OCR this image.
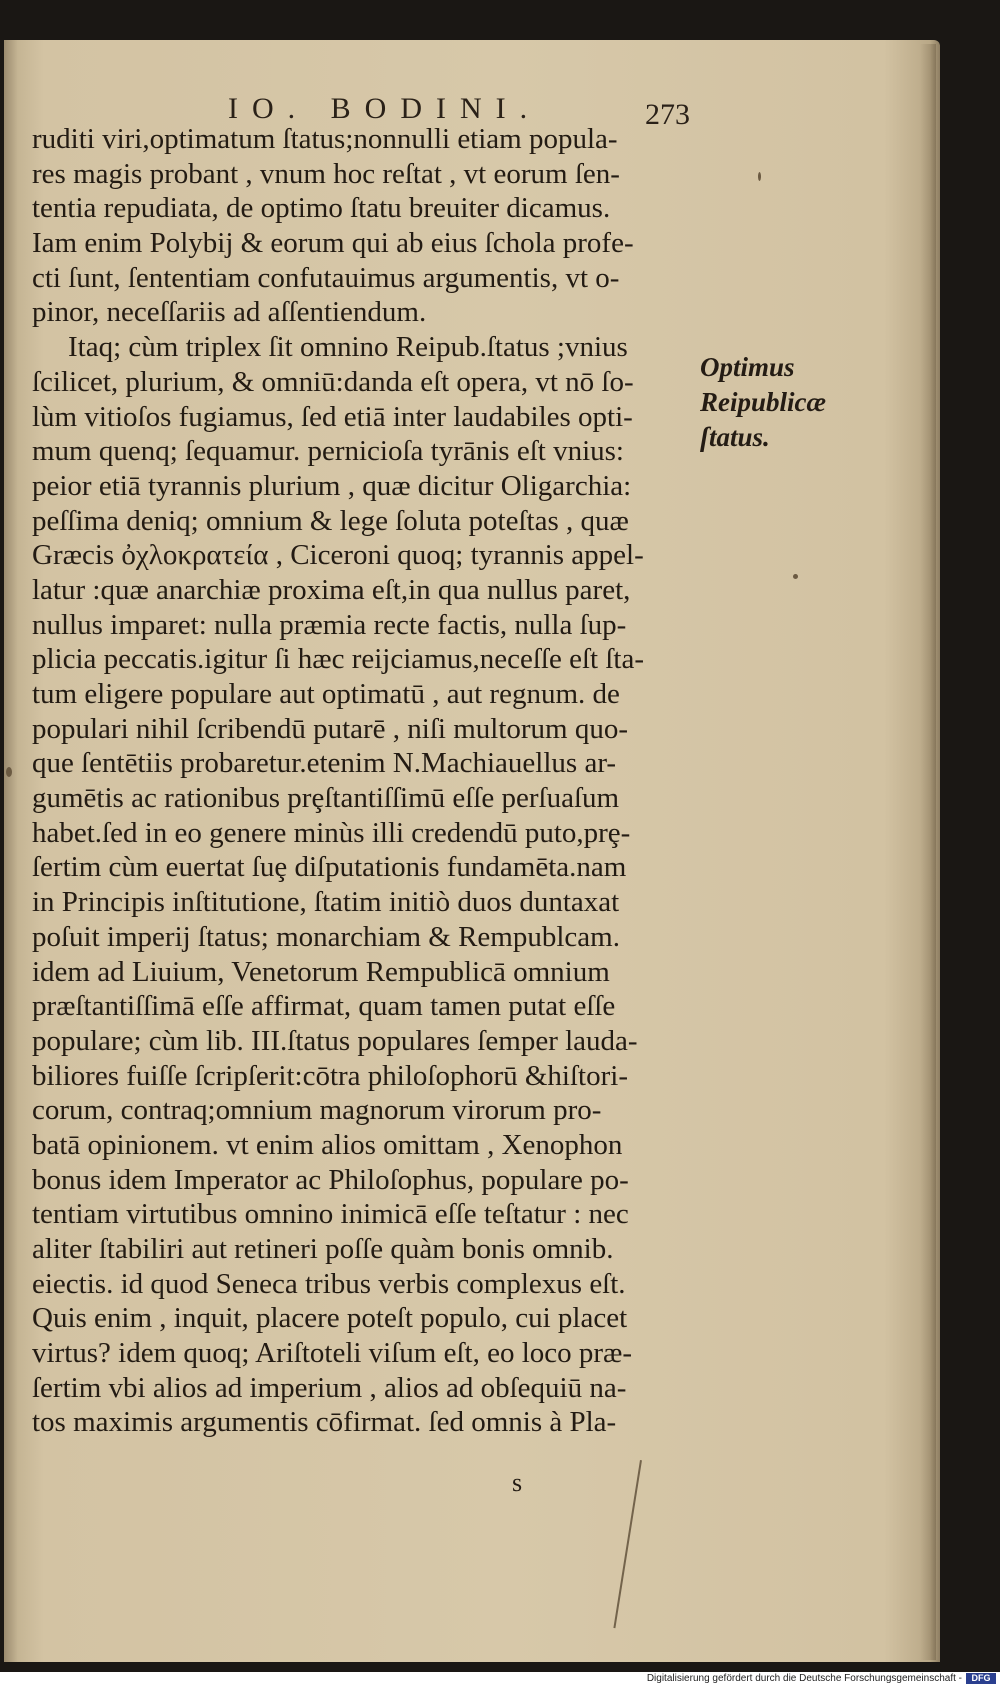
IO. BODINI.	273
ruditi viri,optimatum ſtatus;nonnulli etiam popula-
res magis probant , vnum hoc reſtat , vt eorum ſen-
tentia repudiata, de optimo ſtatu breuiter dicamus.
Iam enim Polybij & eorum qui ab eius ſchola profe-
cti ſunt, ſententiam confutauimus argumentis, vt o-
pinor, neceſſariis ad aſſentiendum.
Itaq; cùm triplex ſit omnino Reipub.ſtatus ;vnius
ſcilicet, plurium, & omniū:danda eſt opera, vt nō ſo-
lùm vitioſos fugiamus, ſed etiā inter laudabiles opti-
mum quenq; ſequamur. pernicioſa tyrānis eſt vnius:
peior etiā tyrannis plurium , quæ dicitur Oligarchia:
peſſima deniq; omnium & lege ſoluta poteſtas , quæ
Græcis ὀχλοκρατεία , Ciceroni quoq; tyrannis appel-
latur :quæ anarchiæ proxima eſt,in qua nullus paret,
nullus imparet: nulla præmia recte factis, nulla ſup-
plicia peccatis.igitur ſi hæc reijciamus,neceſſe eſt ſta-
tum eligere populare aut optimatū , aut regnum. de
populari nihil ſcribendū putarē , niſi multorum quo-
que ſentētiis probaretur.etenim N.Machiauellus ar-
gumētis ac rationibus prȩſtantiſſimū eſſe perſuaſum
habet.ſed in eo genere minùs illi credendū puto,prȩ-
ſertim cùm euertat ſuȩ diſputationis fundamēta.nam
in Principis inſtitutione, ſtatim initiò duos duntaxat
poſuit imperij ſtatus; monarchiam & Rempublcam.
idem ad Liuium, Venetorum Rempublicā omnium
præſtantiſſimā eſſe affirmat, quam tamen putat eſſe
populare; cùm lib. III.ſtatus populares ſemper lauda-
biliores fuiſſe ſcripſerit:cōtra philoſophorū &hiſtori-
corum, contraq;omnium magnorum virorum pro-
batā opinionem. vt enim alios omittam , Xenophon
bonus idem Imperator ac Philoſophus, populare po-
tentiam virtutibus omnino inimicā eſſe teſtatur : nec
aliter ſtabiliri aut retineri poſſe quàm bonis omnib.
eiectis. id quod Seneca tribus verbis complexus eſt.
Quis enim , inquit, placere poteſt populo, cui placet
virtus? idem quoq; Ariſtoteli viſum eſt, eo loco præ-
ſertim vbi alios ad imperium , alios ad obſequiū na-
tos maximis argumentis cōfirmat. ſed omnis à Pla-
Optimus
Reipublicæ
ſtatus.
s
Digitalisierung gefördert durch die Deutsche Forschungsgemeinschaft -	DFG
